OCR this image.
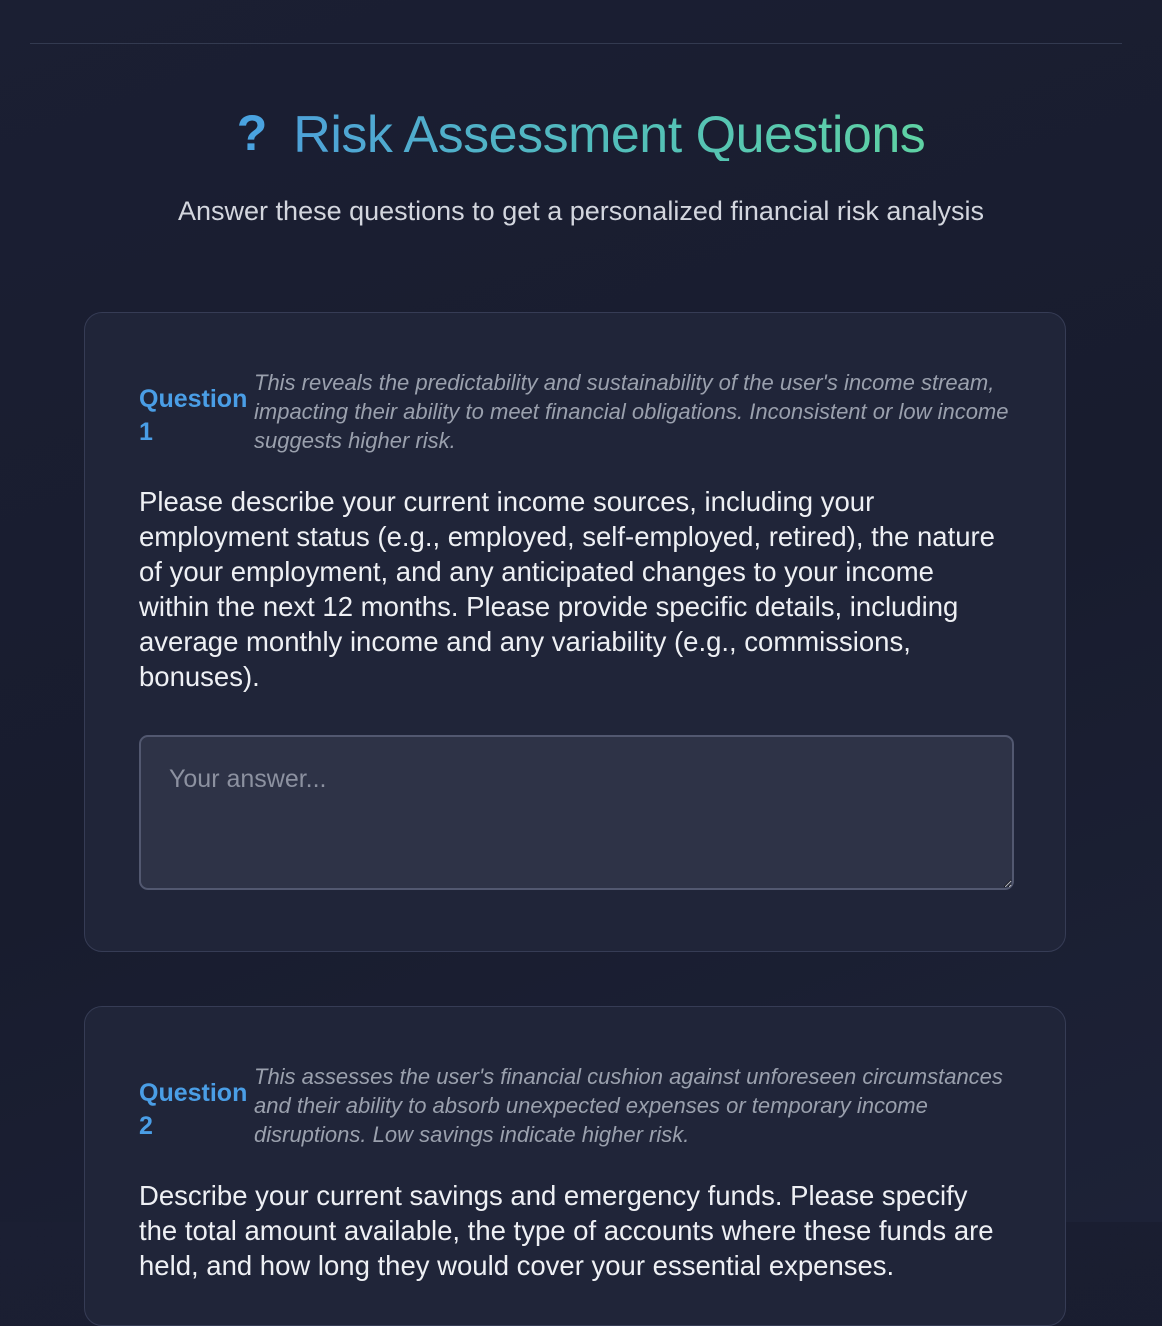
? Risk Assessment Questions
Answer these questions to get a personalized financial risk analysis
Question
1
This reveals the predictability and sustainability of the user's income stream, impacting their ability to meet financial obligations. Inconsistent or low income suggests higher risk.
Please describe your current income sources, including your employment status (e.g., employed, self-employed, retired), the nature of your employment, and any anticipated changes to your income within the next 12 months. Please provide specific details, including average monthly income and any variability (e.g., commissions, bonuses).
Your answer...
Question
2
This assesses the user's financial cushion against unforeseen circumstances and their ability to absorb unexpected expenses or temporary income disruptions. Low savings indicate higher risk.
Describe your current savings and emergency funds. Please specify the total amount available, the type of accounts where these funds are held, and how long they would cover your essential expenses.
